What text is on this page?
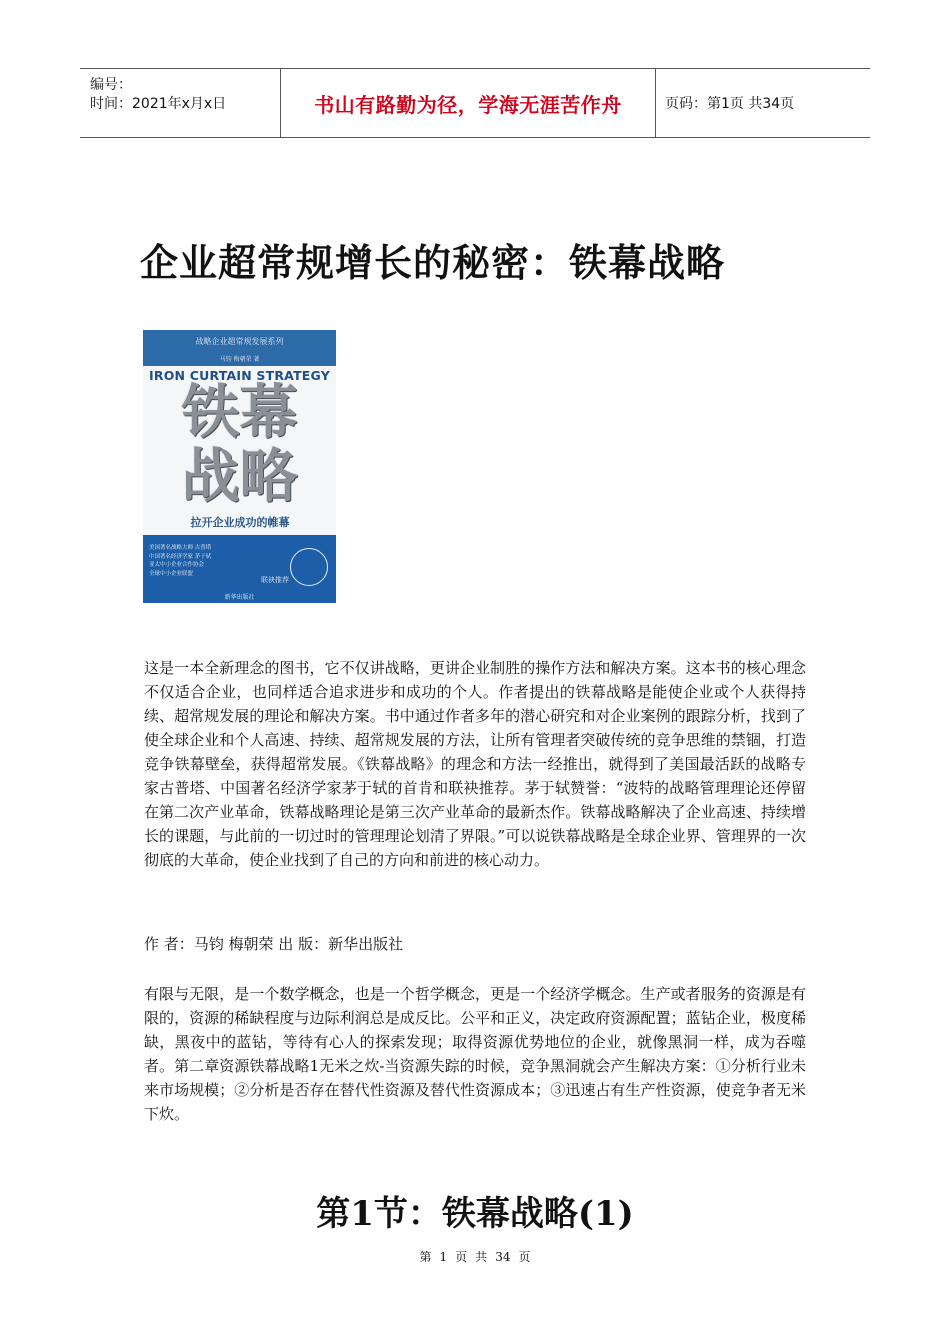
编号：
时间：2021年x月x日	书山有路勤为径，学海无涯苦作舟	页码：第1页 共34页
企业超常规增长的秘密：铁幕战略
战略企业超常规发展系列
马钧 梅朝荣 著
IRON CURTAIN STRATEGY
铁幕
战略
拉开企业成功的帷幕
美国著名战略大师 古普塔
中国著名经济学家 茅于轼
亚太中小企业合作协会
全球中小企业联盟
联袂推荐
新华出版社
这是一本全新理念的图书，它不仅讲战略，更讲企业制胜的操作方法和解决方案。这本书的核心理念不仅适合企业，也同样适合追求进步和成功的个人。作者提出的铁幕战略是能使企业或个人获得持续、超常规发展的理论和解决方案。书中通过作者多年的潜心研究和对企业案例的跟踪分析，找到了使全球企业和个人高速、持续、超常规发展的方法，让所有管理者突破传统的竞争思维的禁锢，打造竞争铁幕壁垒，获得超常发展。《铁幕战略》的理念和方法一经推出，就得到了美国最活跃的战略专家古普塔、中国著名经济学家茅于轼的首肯和联袂推荐。茅于轼赞誉：“波特的战略管理理论还停留在第二次产业革命，铁幕战略理论是第三次产业革命的最新杰作。铁幕战略解决了企业高速、持续增长的课题，与此前的一切过时的管理理论划清了界限。”可以说铁幕战略是全球企业界、管理界的一次彻底的大革命，使企业找到了自己的方向和前进的核心动力。
作 者：马钧 梅朝荣 出 版：新华出版社
有限与无限，是一个数学概念，也是一个哲学概念，更是一个经济学概念。生产或者服务的资源是有限的，资源的稀缺程度与边际利润总是成反比。公平和正义，决定政府资源配置；蓝钻企业，极度稀缺，黑夜中的蓝钻，等待有心人的探索发现；取得资源优势地位的企业，就像黑洞一样，成为吞噬者。第二章资源铁幕战略1无米之炊-当资源失踪的时候，竞争黑洞就会产生解决方案：①分析行业未来市场规模；②分析是否存在替代性资源及替代性资源成本；③迅速占有生产性资源，使竞争者无米下炊。
第1节：铁幕战略(1)
第 1 页 共 34 页
